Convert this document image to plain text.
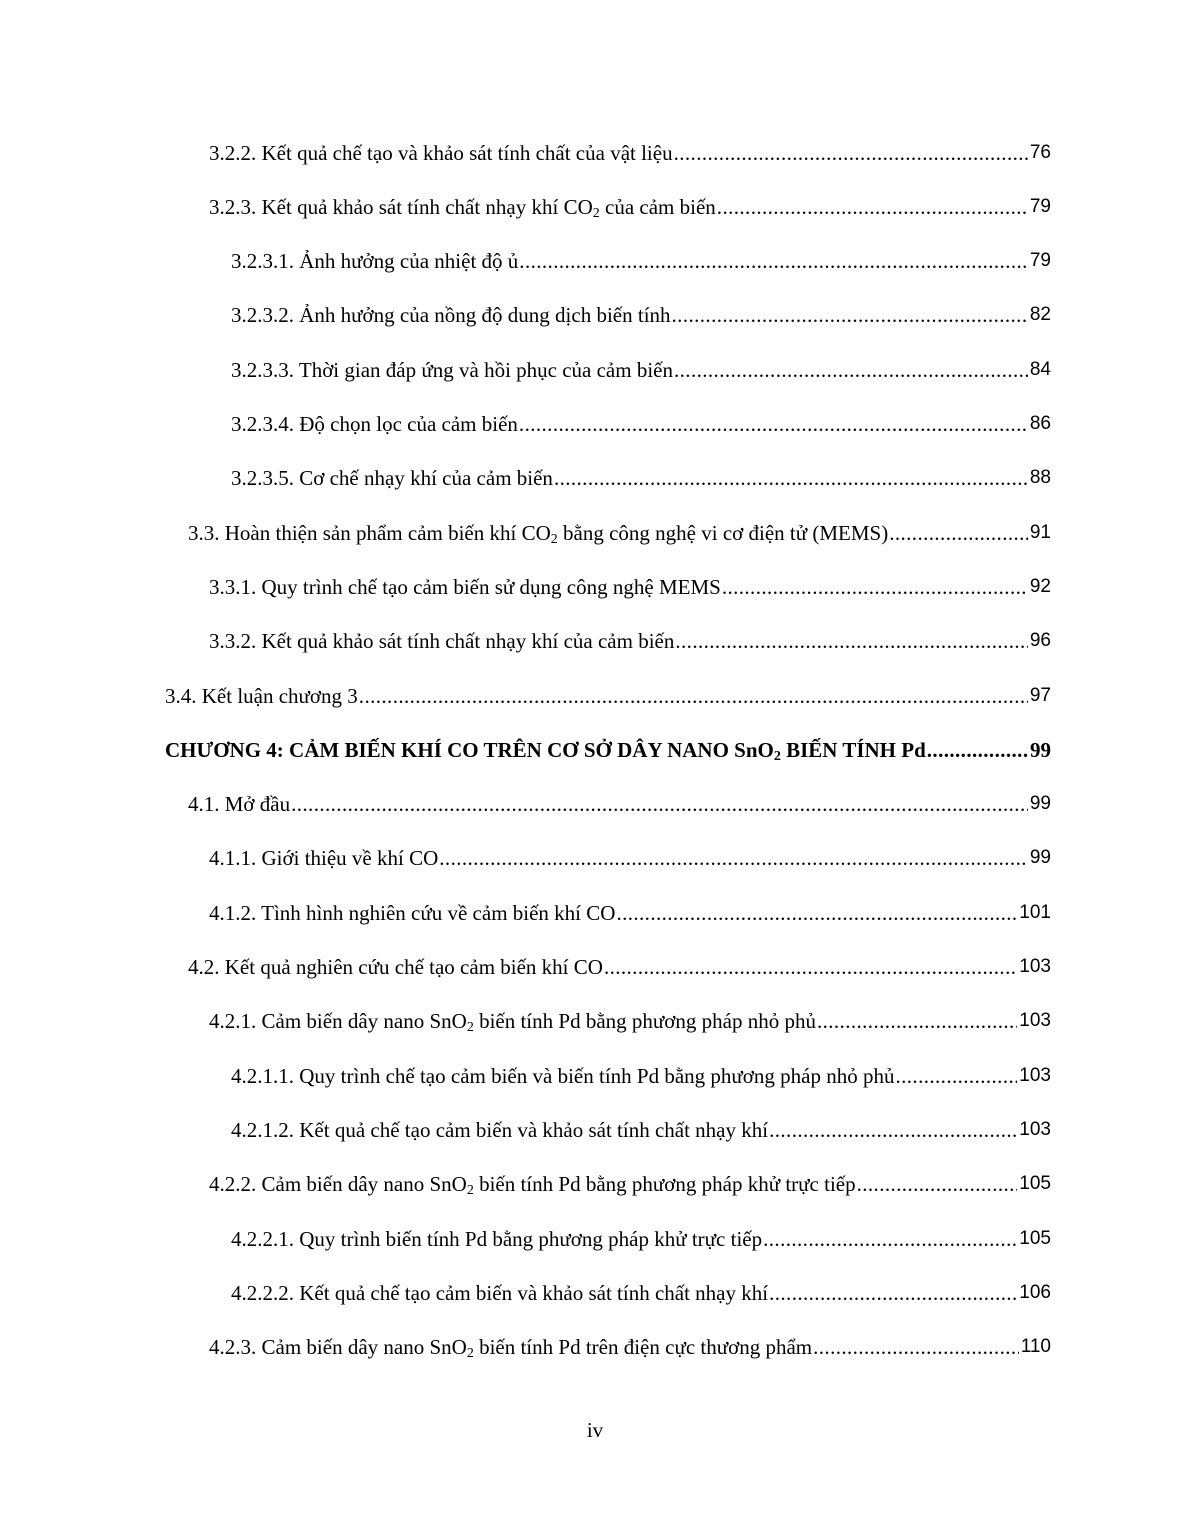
3.2.2. Kết quả chế tạo và khảo sát tính chất của vật liệu .....	76
3.2.3. Kết quả khảo sát tính chất nhạy khí $CO_2$ của cảm biến .....	79
3.2.3.1. Ảnh hưởng của nhiệt độ ủ .....	79
3.2.3.2. Ảnh hưởng của nồng độ dung dịch biến tính .....	82
3.2.3.3. Thời gian đáp ứng và hồi phục của cảm biến .....	84
3.2.3.4. Độ chọn lọc của cảm biến .....	86
3.2.3.5. Cơ chế nhạy khí của cảm biến .....	88
3.3. Hoàn thiện sản phẩm cảm biến khí $CO_2$ bằng công nghệ vi cơ điện tử (MEMS) .....	91
3.3.1. Quy trình chế tạo cảm biến sử dụng công nghệ MEMS .....	92
3.3.2. Kết quả khảo sát tính chất nhạy khí của cảm biến .....	96
3.4. Kết luận chương 3 .....	97
CHƯƠNG 4: CẢM BIẾN KHÍ CO TRÊN CƠ SỞ DÂY NANO SnO$_2$ BIẾN TÍNH Pd .....	99
4.1. Mở đầu .....	99
4.1.1. Giới thiệu về khí CO .....	99
4.1.2. Tình hình nghiên cứu về cảm biến khí CO .....	101
4.2. Kết quả nghiên cứu chế tạo cảm biến khí CO .....	103
4.2.1. Cảm biến dây nano SnO$_2$ biến tính Pd bằng phương pháp nhỏ phủ .....	103
4.2.1.1. Quy trình chế tạo cảm biến và biến tính Pd bằng phương pháp nhỏ phủ .....	103
4.2.1.2. Kết quả chế tạo cảm biến và khảo sát tính chất nhạy khí .....	103
4.2.2. Cảm biến dây nano SnO$_2$ biến tính Pd bằng phương pháp khử trực tiếp .....	105
4.2.2.1. Quy trình biến tính Pd bằng phương pháp khử trực tiếp .....	105
4.2.2.2. Kết quả chế tạo cảm biến và khảo sát tính chất nhạy khí .....	106
4.2.3. Cảm biến dây nano SnO$_2$ biến tính Pd trên điện cực thương phẩm .....	110
iv
